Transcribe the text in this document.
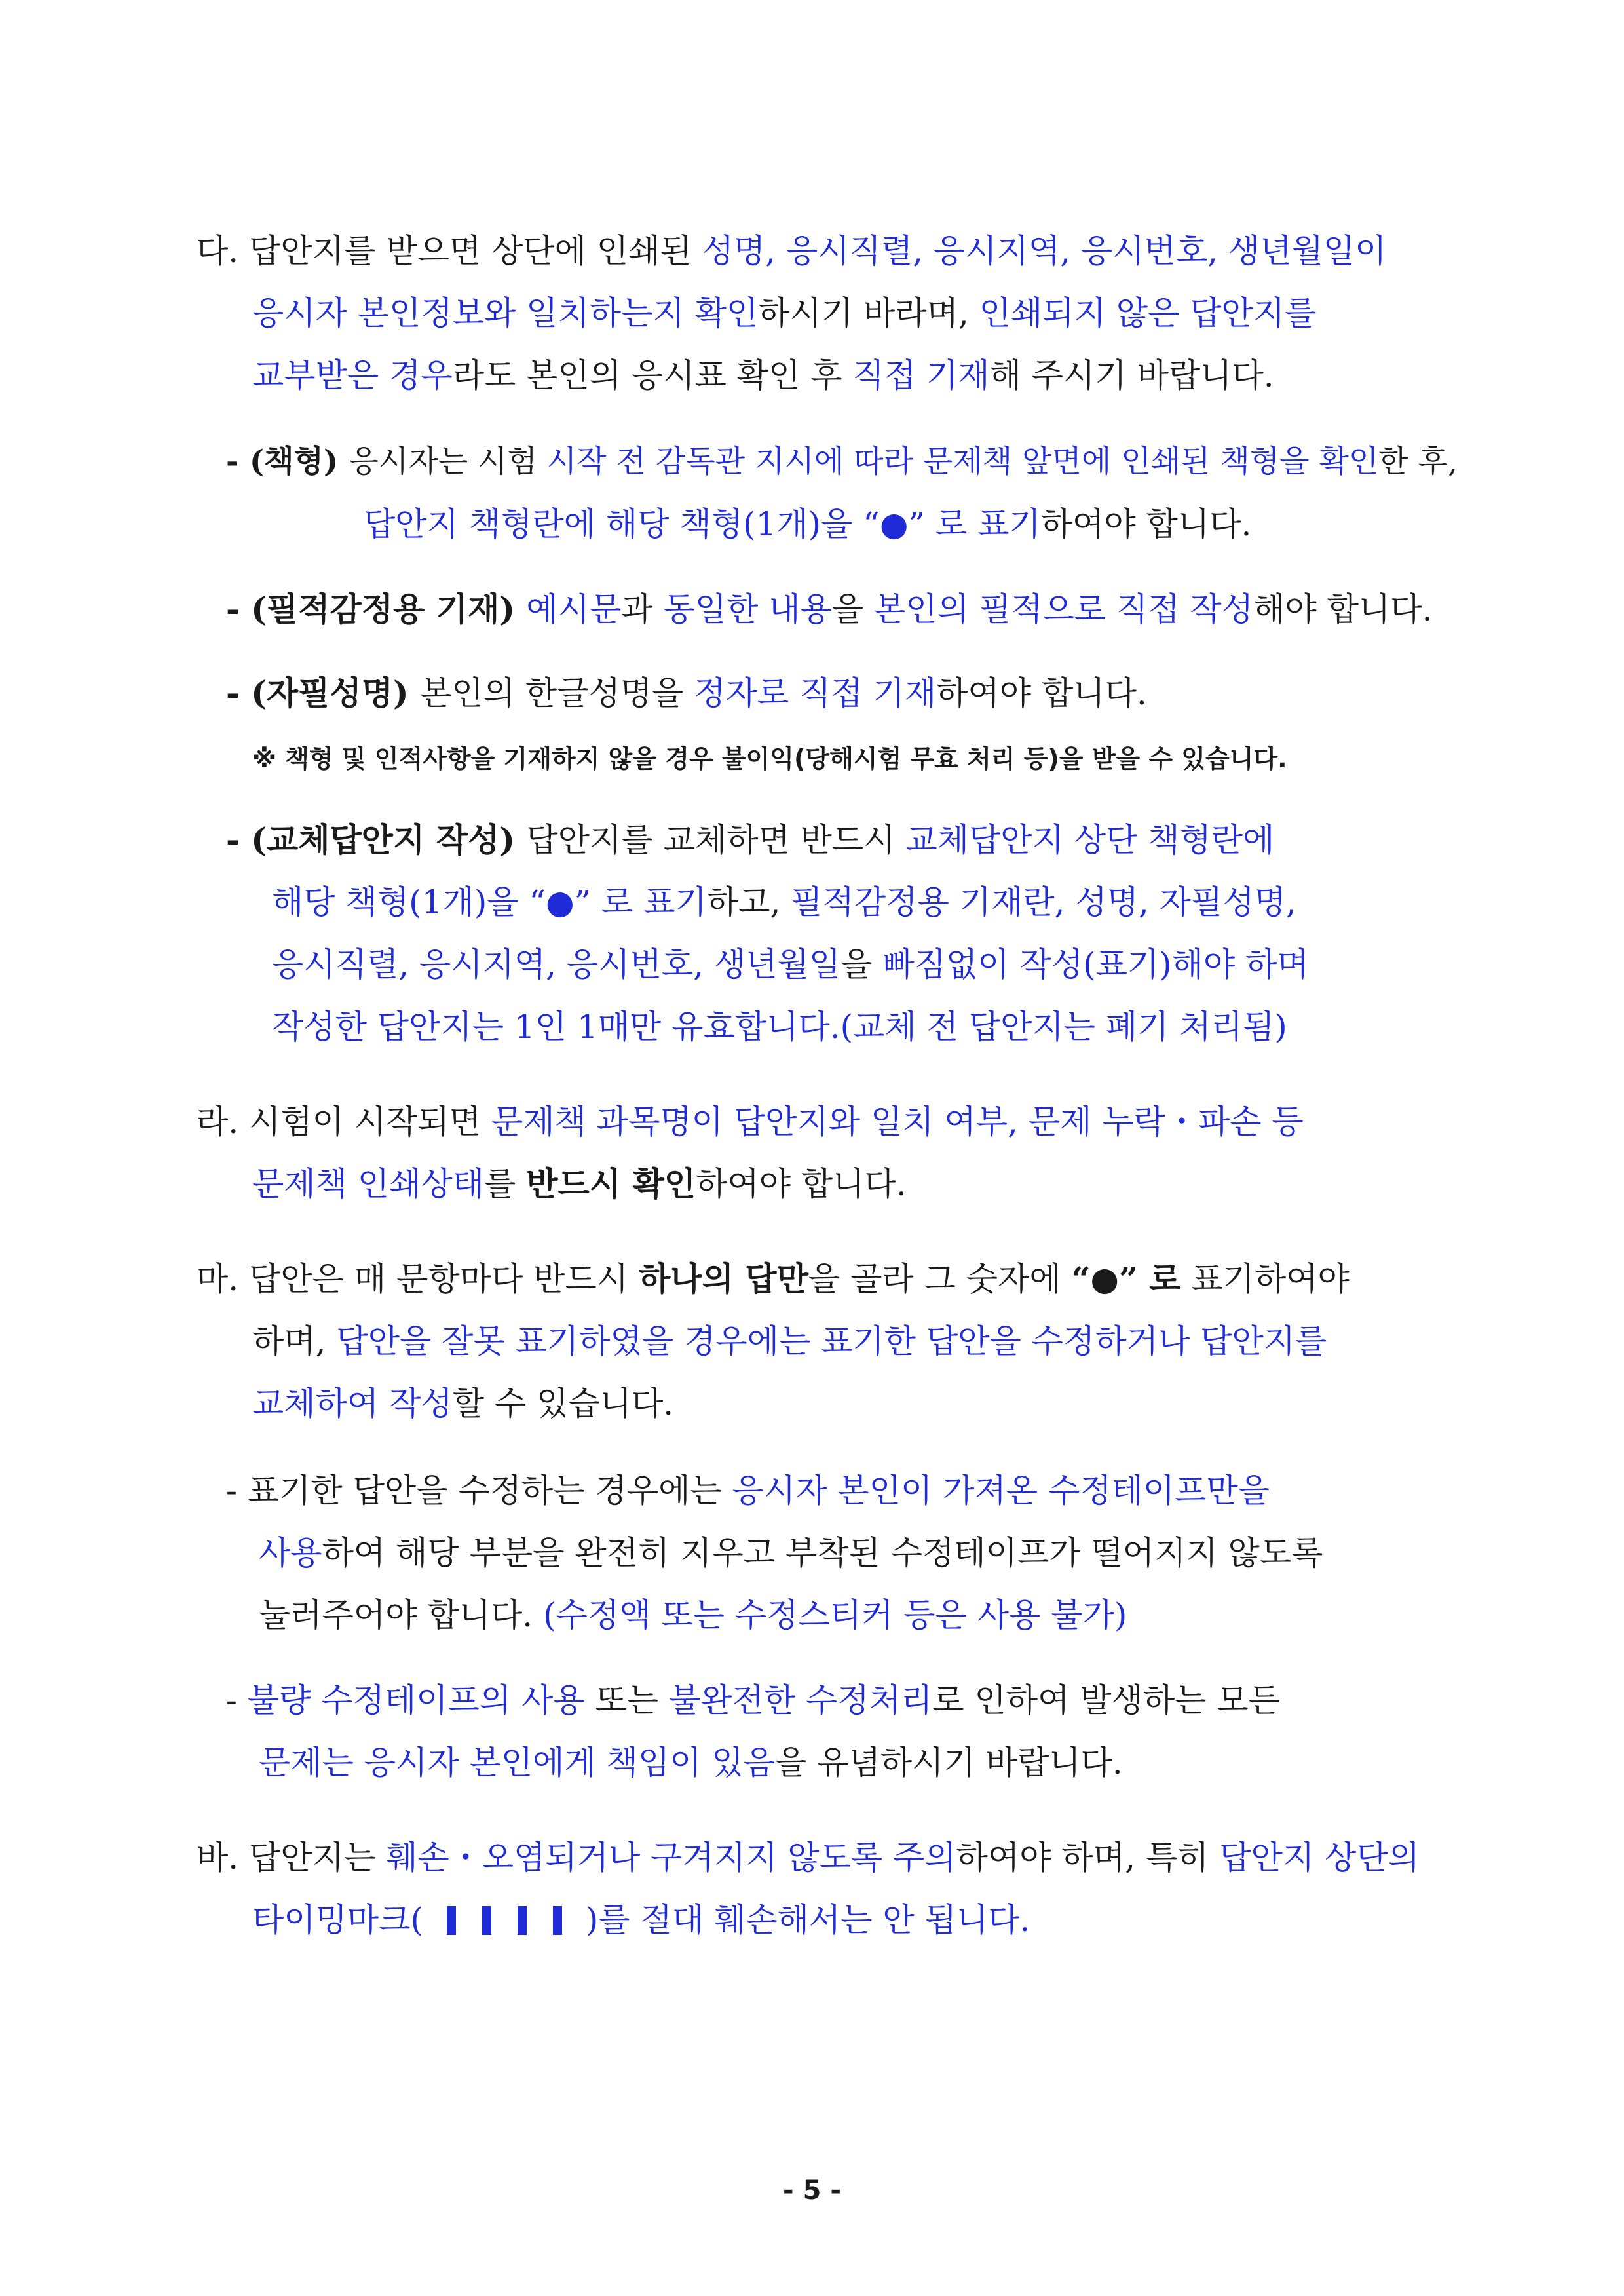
다. 답안지를 받으면 상단에 인쇄된 성명, 응시직렬, 응시지역, 응시번호, 생년월일이
응시자 본인정보와 일치하는지 확인하시기 바라며, 인쇄되지 않은 답안지를
교부받은 경우라도 본인의 응시표 확인 후 직접 기재해 주시기 바랍니다.
- (책형) 응시자는 시험 시작 전 감독관 지시에 따라 문제책 앞면에 인쇄된 책형을 확인한 후,
답안지 책형란에 해당 책형(1개)을 “●” 로 표기하여야 합니다.
- (필적감정용 기재) 예시문과 동일한 내용을 본인의 필적으로 직접 작성해야 합니다.
- (자필성명) 본인의 한글성명을 정자로 직접 기재하여야 합니다.
※ 책형 및 인적사항을 기재하지 않을 경우 불이익(당해시험 무효 처리 등)을 받을 수 있습니다.
- (교체답안지 작성) 답안지를 교체하면 반드시 교체답안지 상단 책형란에
해당 책형(1개)을 “●” 로 표기하고, 필적감정용 기재란, 성명, 자필성명,
응시직렬, 응시지역, 응시번호, 생년월일을 빠짐없이 작성(표기)해야 하며
작성한 답안지는 1인 1매만 유효합니다.(교체 전 답안지는 폐기 처리됨)
라. 시험이 시작되면 문제책 과목명이 답안지와 일치 여부, 문제 누락・파손 등
문제책 인쇄상태를 반드시 확인하여야 합니다.
마. 답안은 매 문항마다 반드시 하나의 답만을 골라 그 숫자에 “●” 로 표기하여야
하며, 답안을 잘못 표기하였을 경우에는 표기한 답안을 수정하거나 답안지를
교체하여 작성할 수 있습니다.
- 표기한 답안을 수정하는 경우에는 응시자 본인이 가져온 수정테이프만을
사용하여 해당 부분을 완전히 지우고 부착된 수정테이프가 떨어지지 않도록
눌러주어야 합니다. (수정액 또는 수정스티커 등은 사용 불가)
- 불량 수정테이프의 사용 또는 불완전한 수정처리로 인하여 발생하는 모든
문제는 응시자 본인에게 책임이 있음을 유념하시기 바랍니다.
바. 답안지는 훼손・오염되거나 구겨지지 않도록 주의하여야 하며, 특히 답안지 상단의
타이밍마크(	)를 절대 훼손해서는 안 됩니다.
- 5 -
